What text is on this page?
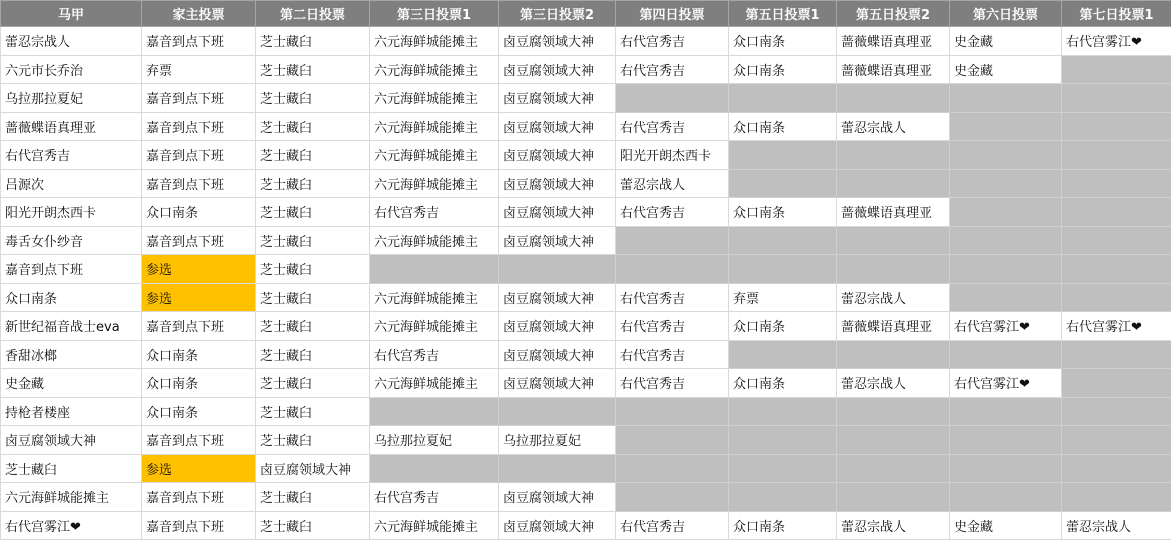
马甲	家主投票	第二日投票	第三日投票1	第三日投票2	第四日投票	第五日投票1	第五日投票2	第六日投票	第七日投票1
蕾忍宗战人	嘉音到点下班	芝士藏臼	六元海鲜城能摊主	卤豆腐领域大神	右代宫秀吉	众口南条	蔷薇蝶语真理亚	史金藏	右代宫雾江❤
六元市长乔治	弃票	芝士藏臼	六元海鲜城能摊主	卤豆腐领域大神	右代宫秀吉	众口南条	蔷薇蝶语真理亚	史金藏	
乌拉那拉夏妃	嘉音到点下班	芝士藏臼	六元海鲜城能摊主	卤豆腐领域大神					
蔷薇蝶语真理亚	嘉音到点下班	芝士藏臼	六元海鲜城能摊主	卤豆腐领域大神	右代宫秀吉	众口南条	蕾忍宗战人		
右代宫秀吉	嘉音到点下班	芝士藏臼	六元海鲜城能摊主	卤豆腐领域大神	阳光开朗杰西卡				
吕源次	嘉音到点下班	芝士藏臼	六元海鲜城能摊主	卤豆腐领域大神	蕾忍宗战人				
阳光开朗杰西卡	众口南条	芝士藏臼	右代宫秀吉	卤豆腐领域大神	右代宫秀吉	众口南条	蔷薇蝶语真理亚		
毒舌女仆纱音	嘉音到点下班	芝士藏臼	六元海鲜城能摊主	卤豆腐领域大神					
嘉音到点下班	参选	芝士藏臼							
众口南条	参选	芝士藏臼	六元海鲜城能摊主	卤豆腐领域大神	右代宫秀吉	弃票	蕾忍宗战人		
新世纪福音战士eva	嘉音到点下班	芝士藏臼	六元海鲜城能摊主	卤豆腐领域大神	右代宫秀吉	众口南条	蔷薇蝶语真理亚	右代宫雾江❤	右代宫雾江❤
香甜冰榔	众口南条	芝士藏臼	右代宫秀吉	卤豆腐领域大神	右代宫秀吉				
史金藏	众口南条	芝士藏臼	六元海鲜城能摊主	卤豆腐领域大神	右代宫秀吉	众口南条	蕾忍宗战人	右代宫雾江❤	
持枪者楼座	众口南条	芝士藏臼							
卤豆腐领域大神	嘉音到点下班	芝士藏臼	乌拉那拉夏妃	乌拉那拉夏妃					
芝士藏臼	参选	卤豆腐领域大神							
六元海鲜城能摊主	嘉音到点下班	芝士藏臼	右代宫秀吉	卤豆腐领域大神					
右代宫雾江❤	嘉音到点下班	芝士藏臼	六元海鲜城能摊主	卤豆腐领域大神	右代宫秀吉	众口南条	蕾忍宗战人	史金藏	蕾忍宗战人
